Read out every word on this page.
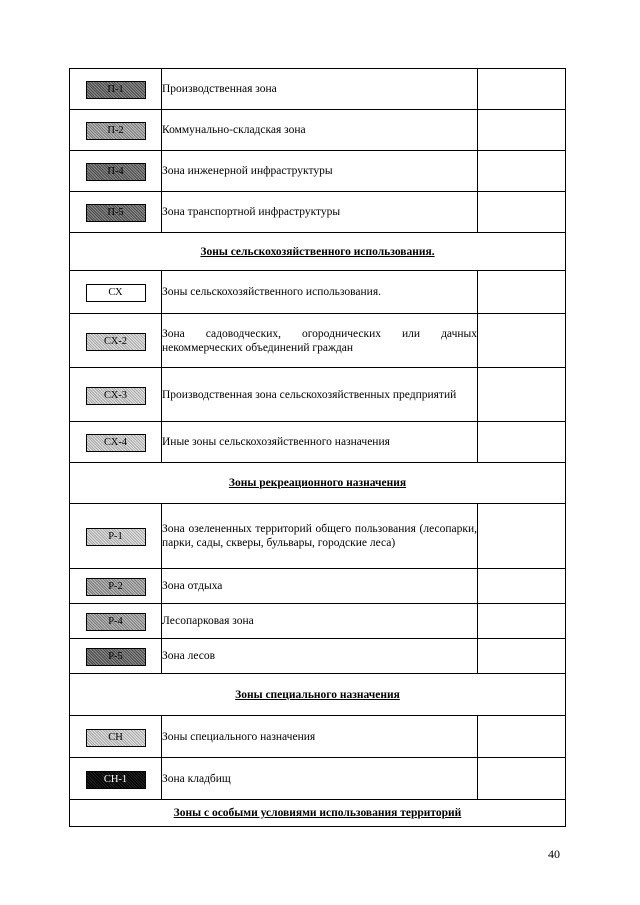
П-1	Производственная зона	
П-2	Коммунально-складская зона	
П-4	Зона инженерной инфраструктуры	
П-5	Зона транспортной инфраструктуры	
Зоны сельскохозяйственного использования.		
СХ	Зоны сельскохозяйственного использования.	
СХ-2	Зона садоводческих, огороднических или дачных некоммерческих объединений граждан	
СХ-3	Производственная зона сельскохозяйственных предприятий	
СХ-4	Иные зоны сельскохозяйственного назначения	
Зоны рекреационного назначения		
Р-1	Зона озелененных территорий общего пользования (лесопарки, парки, сады, скверы, бульвары, городские леса)	
Р-2	Зона отдыха	
Р-4	Лесопарковая зона	
Р-5	Зона лесов	
Зоны специального назначения		
СН	Зоны специального назначения	
СН-1	Зона кладбищ	
Зоны с особыми условиями использования территорий		
40
